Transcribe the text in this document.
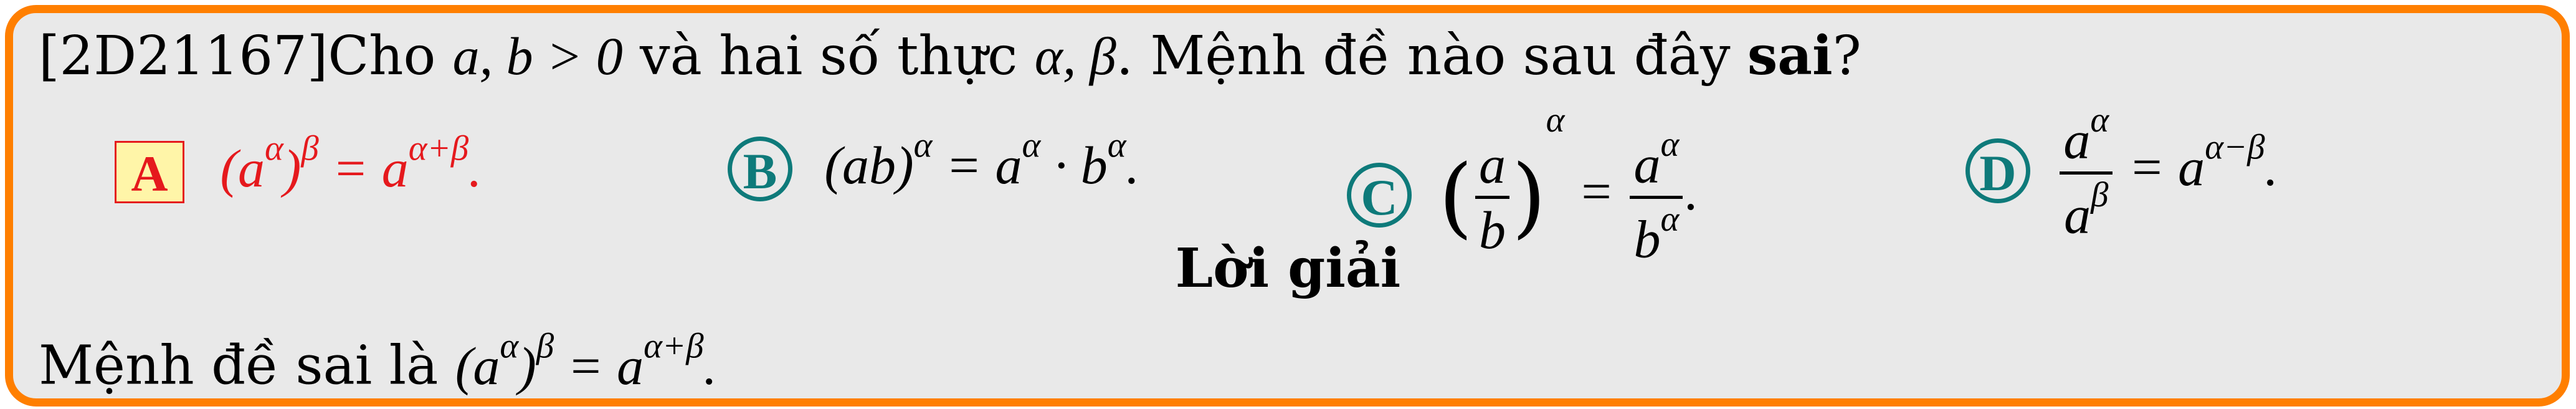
[2D21167]Cho a, b > 0 và hai số thực α, β. Mệnh đề nào sau đây sai?
A $(a^\alpha)^\beta = a^{\alpha+\beta}$.	B $(ab)^\alpha = a^\alpha \cdot b^\alpha$.
C ( $\frac{a}{b} )^\alpha = \frac{a^\alpha}{b^\alpha}$ .	D $\frac{a^\alpha}{a^\beta} = a^{\alpha-\beta}$.
Lời giải
Mệnh đề sai là $(a^\alpha)^\beta = a^{\alpha+\beta}$.
